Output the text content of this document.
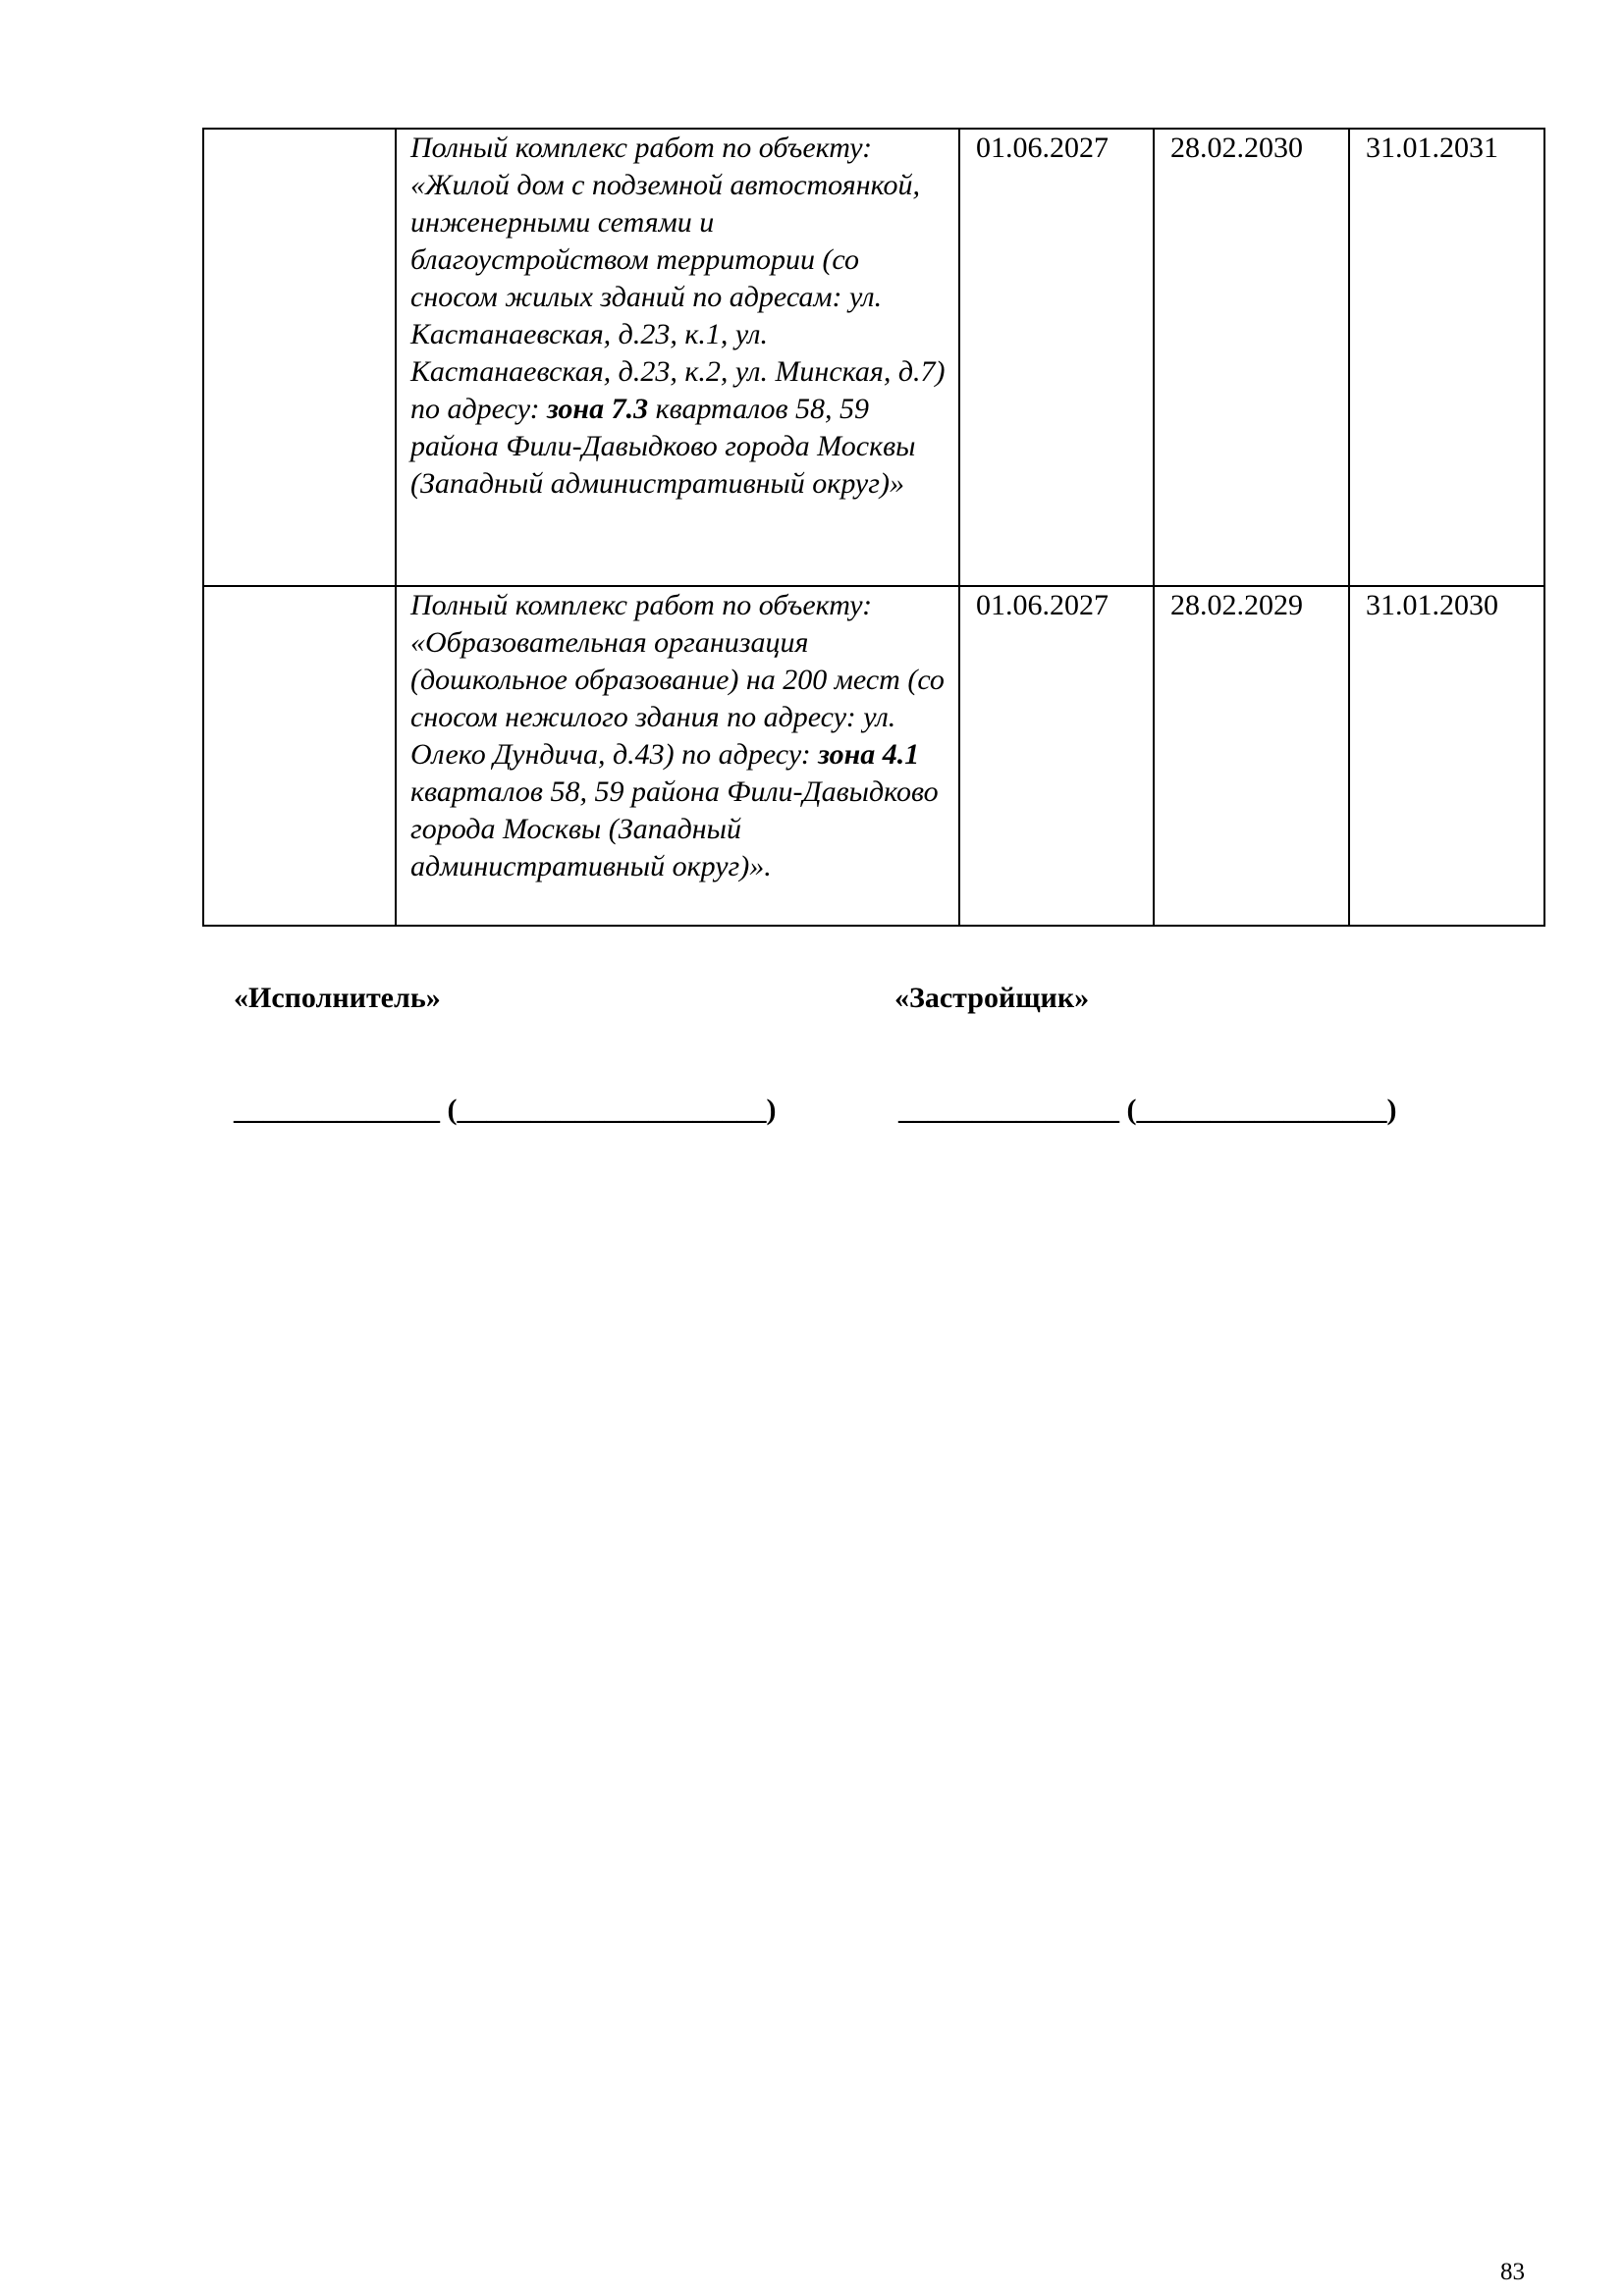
	Полный комплекс работ по объекту: «Жилой дом с подземной автостоянкой, инженерными сетями и благоустройством территории (со сносом жилых зданий по адресам: ул. Кастанаевская, д.23, к.1, ул. Кастанаевская, д.23, к.2, ул. Минская, д.7) по адресу: зона 7.3 кварталов 58, 59 района Фили-Давыдково города Москвы (Западный административный округ)»	01.06.2027	28.02.2030	31.01.2031
	Полный комплекс работ по объекту: «Образовательная организация (дошкольное образование) на 200 мест (со сносом нежилого здания по адресу: ул. Олеко Дундича, д.43) по адресу: зона 4.1 кварталов 58, 59 района Фили-Давыдково города Москвы (Западный административный округ)».	01.06.2027	28.02.2029	31.01.2030
«Исполнитель»	«Застройщик»
______________ (_____________________)	_______________ (_________________)
83
